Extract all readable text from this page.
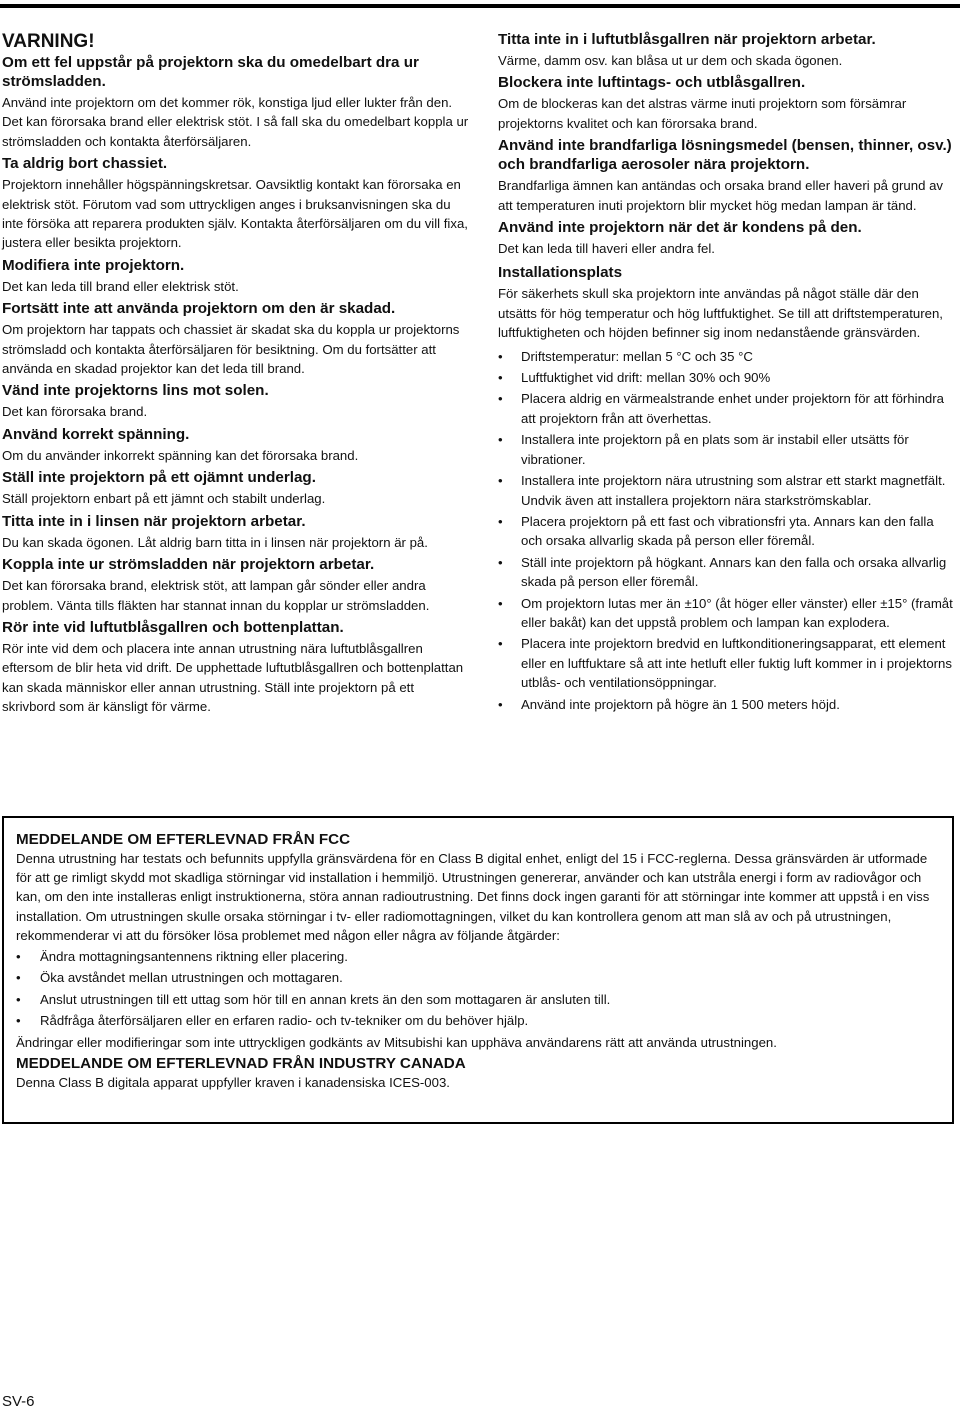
VARNING!

Om ett fel uppstår på projektorn ska du omedelbart dra ur strömsladden.

Använd inte projektorn om det kommer rök, konstiga ljud eller lukter från den. Det kan förorsaka brand eller elektrisk stöt. I så fall ska du omedelbart koppla ur strömsladden och kontakta återförsäljaren.

Ta aldrig bort chassiet.

Projektorn innehåller högspänningskretsar. Oavsiktlig kontakt kan förorsaka en elektrisk stöt. Förutom vad som uttryckligen anges i bruksanvisningen ska du inte försöka att reparera produkten själv. Kontakta återförsäljaren om du vill fixa, justera eller besikta projektorn.

Modifiera inte projektorn.

Det kan leda till brand eller elektrisk stöt.

Fortsätt inte att använda projektorn om den är skadad.

Om projektorn har tappats och chassiet är skadat ska du koppla ur projektorns strömsladd och kontakta återförsäljaren för besiktning. Om du fortsätter att använda en skadad projektor kan det leda till brand.

Vänd inte projektorns lins mot solen.

Det kan förorsaka brand.

Använd korrekt spänning.

Om du använder inkorrekt spänning kan det förorsaka brand.

Ställ inte projektorn på ett ojämnt underlag.

Ställ projektorn enbart på ett jämnt och stabilt underlag.

Titta inte in i linsen när projektorn arbetar.

Du kan skada ögonen. Låt aldrig barn titta in i linsen när projektorn är på.

Koppla inte ur strömsladden när projektorn arbetar.

Det kan förorsaka brand, elektrisk stöt, att lampan går sönder eller andra problem. Vänta tills fläkten har stannat innan du kopplar ur strömsladden.

Rör inte vid luftutblåsgallren och bottenplattan.

Rör inte vid dem och placera inte annan utrustning nära luftutblåsgallren eftersom de blir heta vid drift. De upphettade luftutblåsgallren och bottenplattan kan skada människor eller annan utrustning. Ställ inte projektorn på ett skrivbord som är känsligt för värme.

Titta inte in i luftutblåsgallren när projektorn arbetar.

Värme, damm osv. kan blåsa ut ur dem och skada ögonen.

Blockera inte luftintags- och utblåsgallren.

Om de blockeras kan det alstras värme inuti projektorn som försämrar projektorns kvalitet och kan förorsaka brand.

Använd inte brandfarliga lösningsmedel (bensen, thinner, osv.) och brandfarliga aerosoler nära projektorn.

Brandfarliga ämnen kan antändas och orsaka brand eller haveri på grund av att temperaturen inuti projektorn blir mycket hög medan lampan är tänd.

Använd inte projektorn när det är kondens på den.

Det kan leda till haveri eller andra fel.

Installationsplats

För säkerhets skull ska projektorn inte användas på något ställe där den utsätts för hög temperatur och hög luftfuktighet. Se till att driftstemperaturen, luftfuktigheten och höjden befinner sig inom nedanstående gränsvärden.

• Driftstemperatur: mellan 5 °C och 35 °C
• Luftfuktighet vid drift: mellan 30% och 90%
• Placera aldrig en värmealstrande enhet under projektorn för att förhindra att projektorn från att överhettas.
• Installera inte projektorn på en plats som är instabil eller utsätts för vibrationer.
• Installera inte projektorn nära utrustning som alstrar ett starkt magnetfält. Undvik även att installera projektorn nära starkströmskablar.
• Placera projektorn på ett fast och vibrationsfri yta. Annars kan den falla och orsaka allvarlig skada på person eller föremål.
• Ställ inte projektorn på högkant. Annars kan den falla och orsaka allvarlig skada på person eller föremål.
• Om projektorn lutas mer än ±10° (åt höger eller vänster) eller ±15° (framåt eller bakåt) kan det uppstå problem och lampan kan explodera.
• Placera inte projektorn bredvid en luftkonditioneringsapparat, ett element eller en luftfuktare så att inte hetluft eller fuktig luft kommer in i projektorns utblås- och ventilationsöppningar.
• Använd inte projektorn på högre än 1 500 meters höjd.

MEDDELANDE OM EFTERLEVNAD FRÅN FCC

Denna utrustning har testats och befunnits uppfylla gränsvärdena för en Class B digital enhet, enligt del 15 i FCC-reglerna. Dessa gränsvärden är utformade för att ge rimligt skydd mot skadliga störningar vid installation i hemmiljö. Utrustningen genererar, använder och kan utstråla energi i form av radiovågor och kan, om den inte installeras enligt instruktionerna, störa annan radioutrustning. Det finns dock ingen garanti för att störningar inte kommer att uppstå i en viss installation. Om utrustningen skulle orsaka störningar i tv- eller radiomottagningen, vilket du kan kontrollera genom att man slå av och på utrustningen, rekommenderar vi att du försöker lösa problemet med någon eller några av följande åtgärder:

• Ändra mottagningsantennens riktning eller placering.
• Öka avståndet mellan utrustningen och mottagaren.
• Anslut utrustningen till ett uttag som hör till en annan krets än den som mottagaren är ansluten till.
• Rådfråga återförsäljaren eller en erfaren radio- och tv-tekniker om du behöver hjälp.

Ändringar eller modifieringar som inte uttryckligen godkänts av Mitsubishi kan upphäva användarens rätt att använda utrustningen.

MEDDELANDE OM EFTERLEVNAD FRÅN INDUSTRY CANADA

Denna Class B digitala apparat uppfyller kraven i kanadensiska ICES-003.

SV-6
